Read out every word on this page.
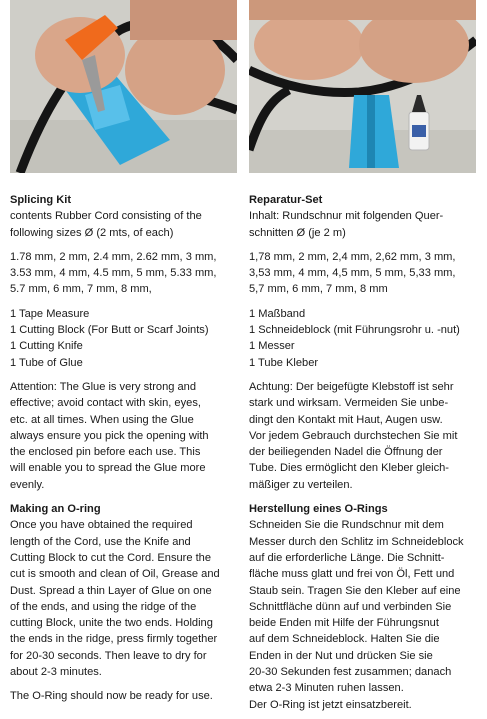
Splicing Kit
contents Rubber Cord consisting of the
following sizes Ø (2 mts, of each)
1.78 mm, 2 mm, 2.4 mm, 2.62 mm, 3 mm,
3.53 mm, 4 mm, 4.5 mm, 5 mm, 5.33 mm,
5.7 mm, 6 mm, 7 mm, 8 mm,
1 Tape Measure
1 Cutting Block (For Butt or Scarf Joints)
1 Cutting Knife
1 Tube of Glue
Attention: The Glue is very strong and
effective; avoid contact with skin, eyes,
etc. at all times. When using the Glue
always ensure you pick the opening with
the enclosed pin before each use. This
will enable you to spread the Glue more
evenly.
Making an O-ring
Once you have obtained the required
length of the Cord, use the Knife and
Cutting Block to cut the Cord. Ensure the
cut is smooth and clean of Oil, Grease and
Dust. Spread a thin Layer of Glue on one
of the ends, and using the ridge of the
cutting Block, unite the two ends. Holding
the ends in the ridge, press firmly together
for 20-30 seconds. Then leave to dry for
about 2-3 minutes.
The O-Ring should now be ready for use.
Reparatur-Set
Inhalt: Rundschnur mit folgenden Quer-
schnitten Ø (je 2 m)
1,78 mm, 2 mm, 2,4 mm, 2,62 mm, 3 mm,
3,53 mm, 4 mm, 4,5 mm, 5 mm, 5,33 mm,
5,7 mm, 6 mm, 7 mm, 8 mm
1 Maßband
1 Schneideblock (mit Führungsrohr u. -nut)
1 Messer
1 Tube Kleber
Achtung: Der beigefügte Klebstoff ist sehr
stark und wirksam. Vermeiden Sie unbe-
dingt den Kontakt mit Haut, Augen usw.
Vor jedem Gebrauch durchstechen Sie mit
der beiliegenden Nadel die Öffnung der
Tube. Dies ermöglicht den Kleber gleich-
mäßiger zu verteilen.
Herstellung eines O-Rings
Schneiden Sie die Rundschnur mit dem
Messer durch den Schlitz im Schneideblock
auf die erforderliche Länge. Die Schnitt-
fläche muss glatt und frei von Öl, Fett und
Staub sein. Tragen Sie den Kleber auf eine
Schnittfläche dünn auf und verbinden Sie
beide Enden mit Hilfe der Führungsnut
auf dem Schneideblock. Halten Sie die
Enden in der Nut und drücken Sie sie
20-30 Sekunden fest zusammen; danach
etwa 2-3 Minuten ruhen lassen.
Der O-Ring ist jetzt einsatzbereit.
